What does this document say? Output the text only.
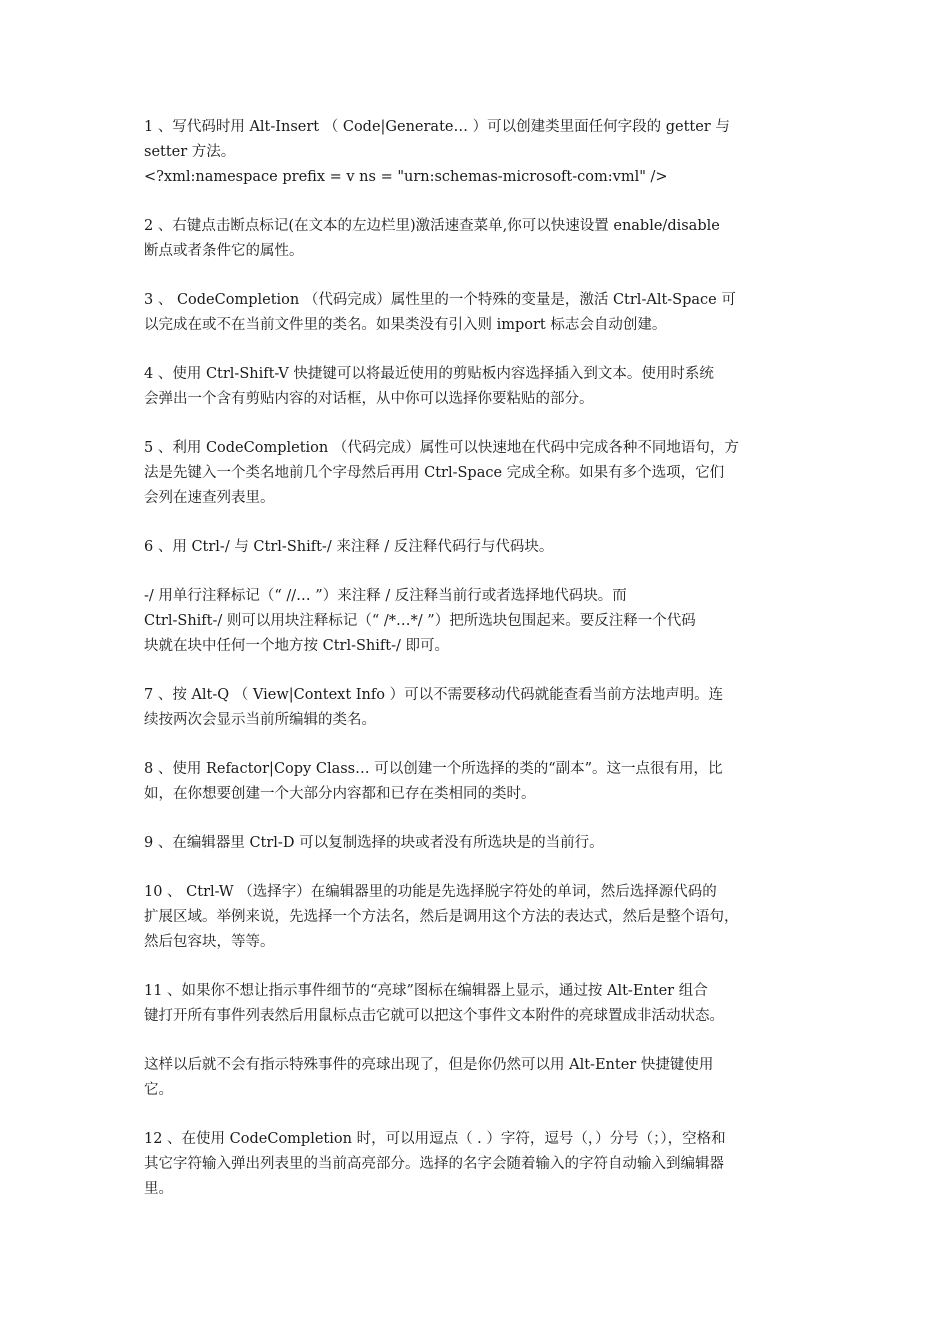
1 、写代码时用 Alt-Insert （ Code|Generate… ）可以创建类里面任何字段的 getter 与
setter 方法。

<?xml:namespace prefix = v ns = "urn:schemas-microsoft-com:vml" />

2 、右键点击断点标记(在文本的左边栏里)激活速查菜单,你可以快速设置 enable/disable
断点或者条件它的属性。

3 、 CodeCompletion （代码完成）属性里的一个特殊的变量是，激活 Ctrl-Alt-Space 可
以完成在或不在当前文件里的类名。如果类没有引入则 import 标志会自动创建。

4 、使用 Ctrl-Shift-V 快捷键可以将最近使用的剪贴板内容选择插入到文本。使用时系统
会弹出一个含有剪贴内容的对话框，从中你可以选择你要粘贴的部分。

5 、利用 CodeCompletion （代码完成）属性可以快速地在代码中完成各种不同地语句，方
法是先键入一个类名地前几个字母然后再用 Ctrl-Space 完成全称。如果有多个选项，它们
会列在速查列表里。

6 、用 Ctrl-/ 与 Ctrl-Shift-/ 来注释 / 反注释代码行与代码块。

-/ 用单行注释标记（“ //… ”）来注释 / 反注释当前行或者选择地代码块。而
Ctrl-Shift-/ 则可以用块注释标记（“ /*…*/ ”）把所选块包围起来。要反注释一个代码
块就在块中任何一个地方按 Ctrl-Shift-/ 即可。

7 、按 Alt-Q （ View|Context Info ）可以不需要移动代码就能查看当前方法地声明。连
续按两次会显示当前所编辑的类名。

8 、使用 Refactor|Copy Class… 可以创建一个所选择的类的“副本”。这一点很有用，比
如，在你想要创建一个大部分内容都和已存在类相同的类时。

9 、在编辑器里 Ctrl-D 可以复制选择的块或者没有所选块是的当前行。

10 、 Ctrl-W （选择字）在编辑器里的功能是先选择脱字符处的单词，然后选择源代码的
扩展区域。举例来说，先选择一个方法名，然后是调用这个方法的表达式，然后是整个语句，
然后包容块，等等。

11 、如果你不想让指示事件细节的“亮球”图标在编辑器上显示，通过按 Alt-Enter 组合
键打开所有事件列表然后用鼠标点击它就可以把这个事件文本附件的亮球置成非活动状态。

这样以后就不会有指示特殊事件的亮球出现了，但是你仍然可以用 Alt-Enter 快捷键使用
它。

12 、在使用 CodeCompletion 时，可以用逗点（ . ）字符，逗号（，）分号（；），空格和
其它字符输入弹出列表里的当前高亮部分。选择的名字会随着输入的字符自动输入到编辑器
里。
